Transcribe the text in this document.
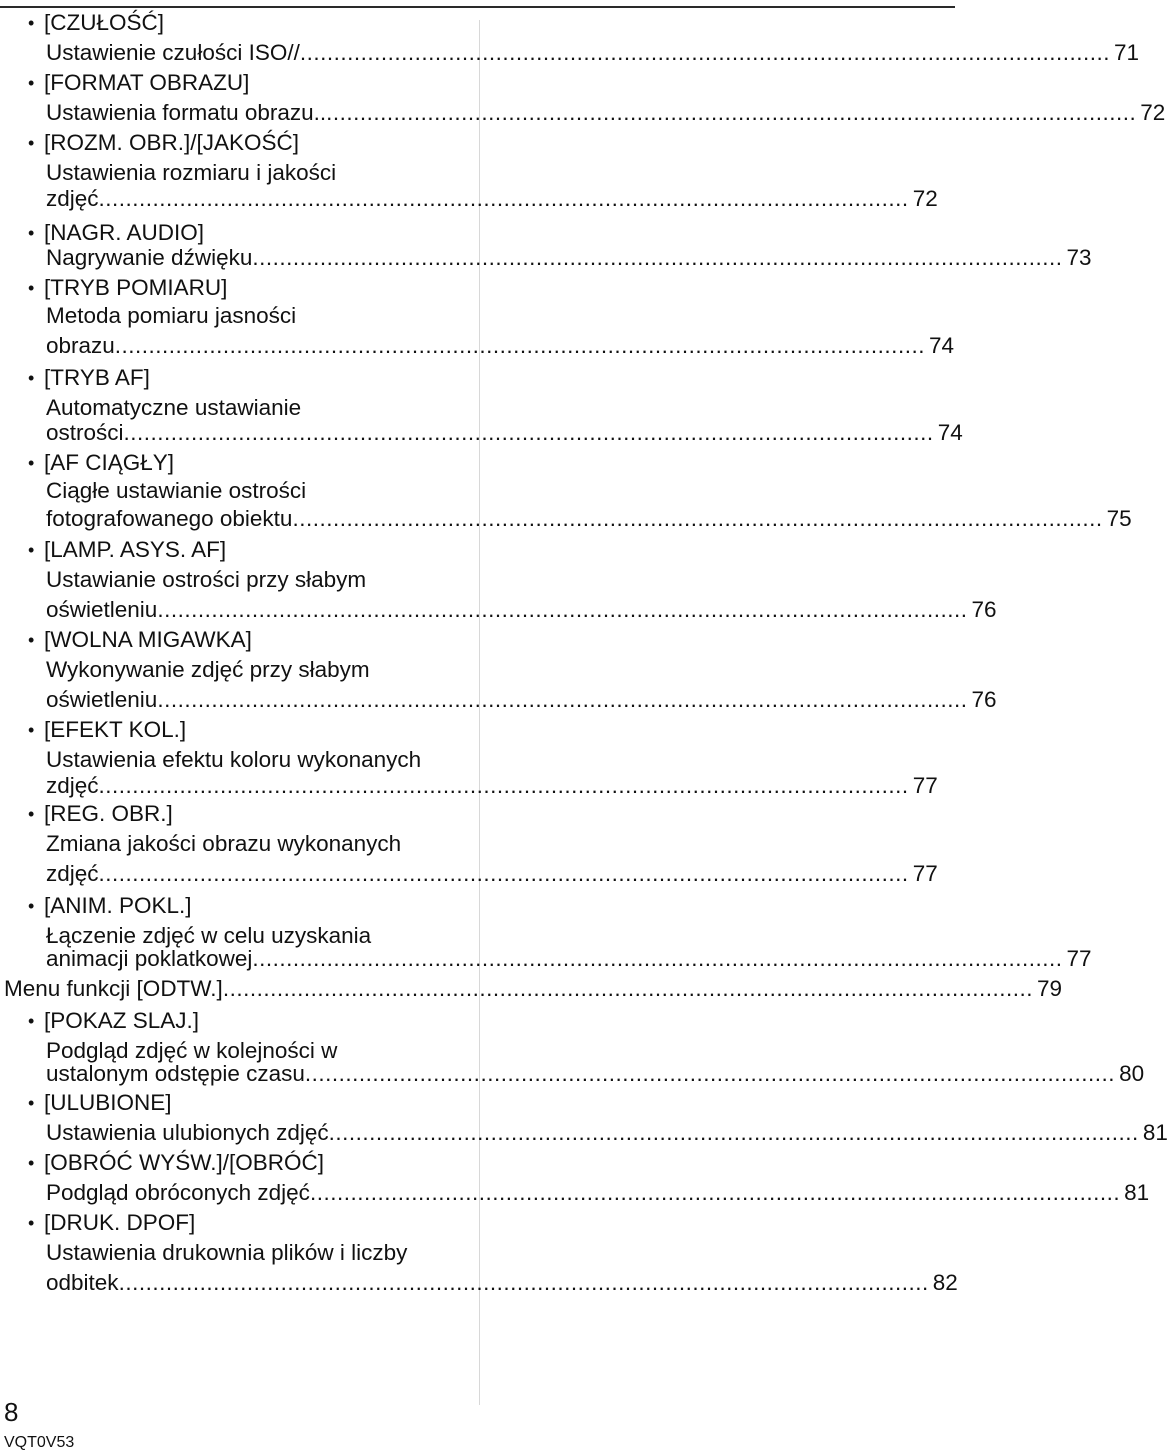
• [CZUŁOŚĆ]
Ustawienie czułości ISO// ........................................................................................................................ 71
• [FORMAT OBRAZU]
Ustawienia formatu obrazu.. ........................................................................................................................ 72
• [ROZM. OBR.]/[JAKOŚĆ]
Ustawienia rozmiaru i jakości
zdjęć ........................................................................................................................ 72
• [NAGR. AUDIO]
Nagrywanie dźwięku ........................................................................................................................ 73
• [TRYB POMIARU]
Metoda pomiaru jasności
obrazu ........................................................................................................................ 74
• [TRYB AF]
Automatyczne ustawianie
ostrości ........................................................................................................................ 74
• [AF CIĄGŁY]
Ciągłe ustawianie ostrości
fotografowanego obiektu ........................................................................................................................ 75
• [LAMP. ASYS. AF]
Ustawianie ostrości przy słabym
oświetleniu ........................................................................................................................ 76
• [WOLNA MIGAWKA]
Wykonywanie zdjęć przy słabym
oświetleniu ........................................................................................................................ 76
• [EFEKT KOL.]
Ustawienia efektu koloru wykonanych
zdjęć ........................................................................................................................ 77
• [REG. OBR.]
Zmiana jakości obrazu wykonanych
zdjęć ........................................................................................................................ 77
• [ANIM. POKL.]
Łączenie zdjęć w celu uzyskania
animacji poklatkowej ........................................................................................................................ 77
Menu funkcji [ODTW.] ........................................................................................................................ 79
• [POKAZ SLAJ.]
Podgląd zdjęć w kolejności w
ustalonym odstępie czasu ........................................................................................................................ 80
• [ULUBIONE]
Ustawienia ulubionych zdjęć ........................................................................................................................ 81
• [OBRÓĆ WYŚW.]/[OBRÓĆ]
Podgląd obróconych zdjęć ........................................................................................................................ 81
• [DRUK. DPOF]
Ustawienia drukownia plików i liczby
odbitek ........................................................................................................................ 82
8
VQT0V53
